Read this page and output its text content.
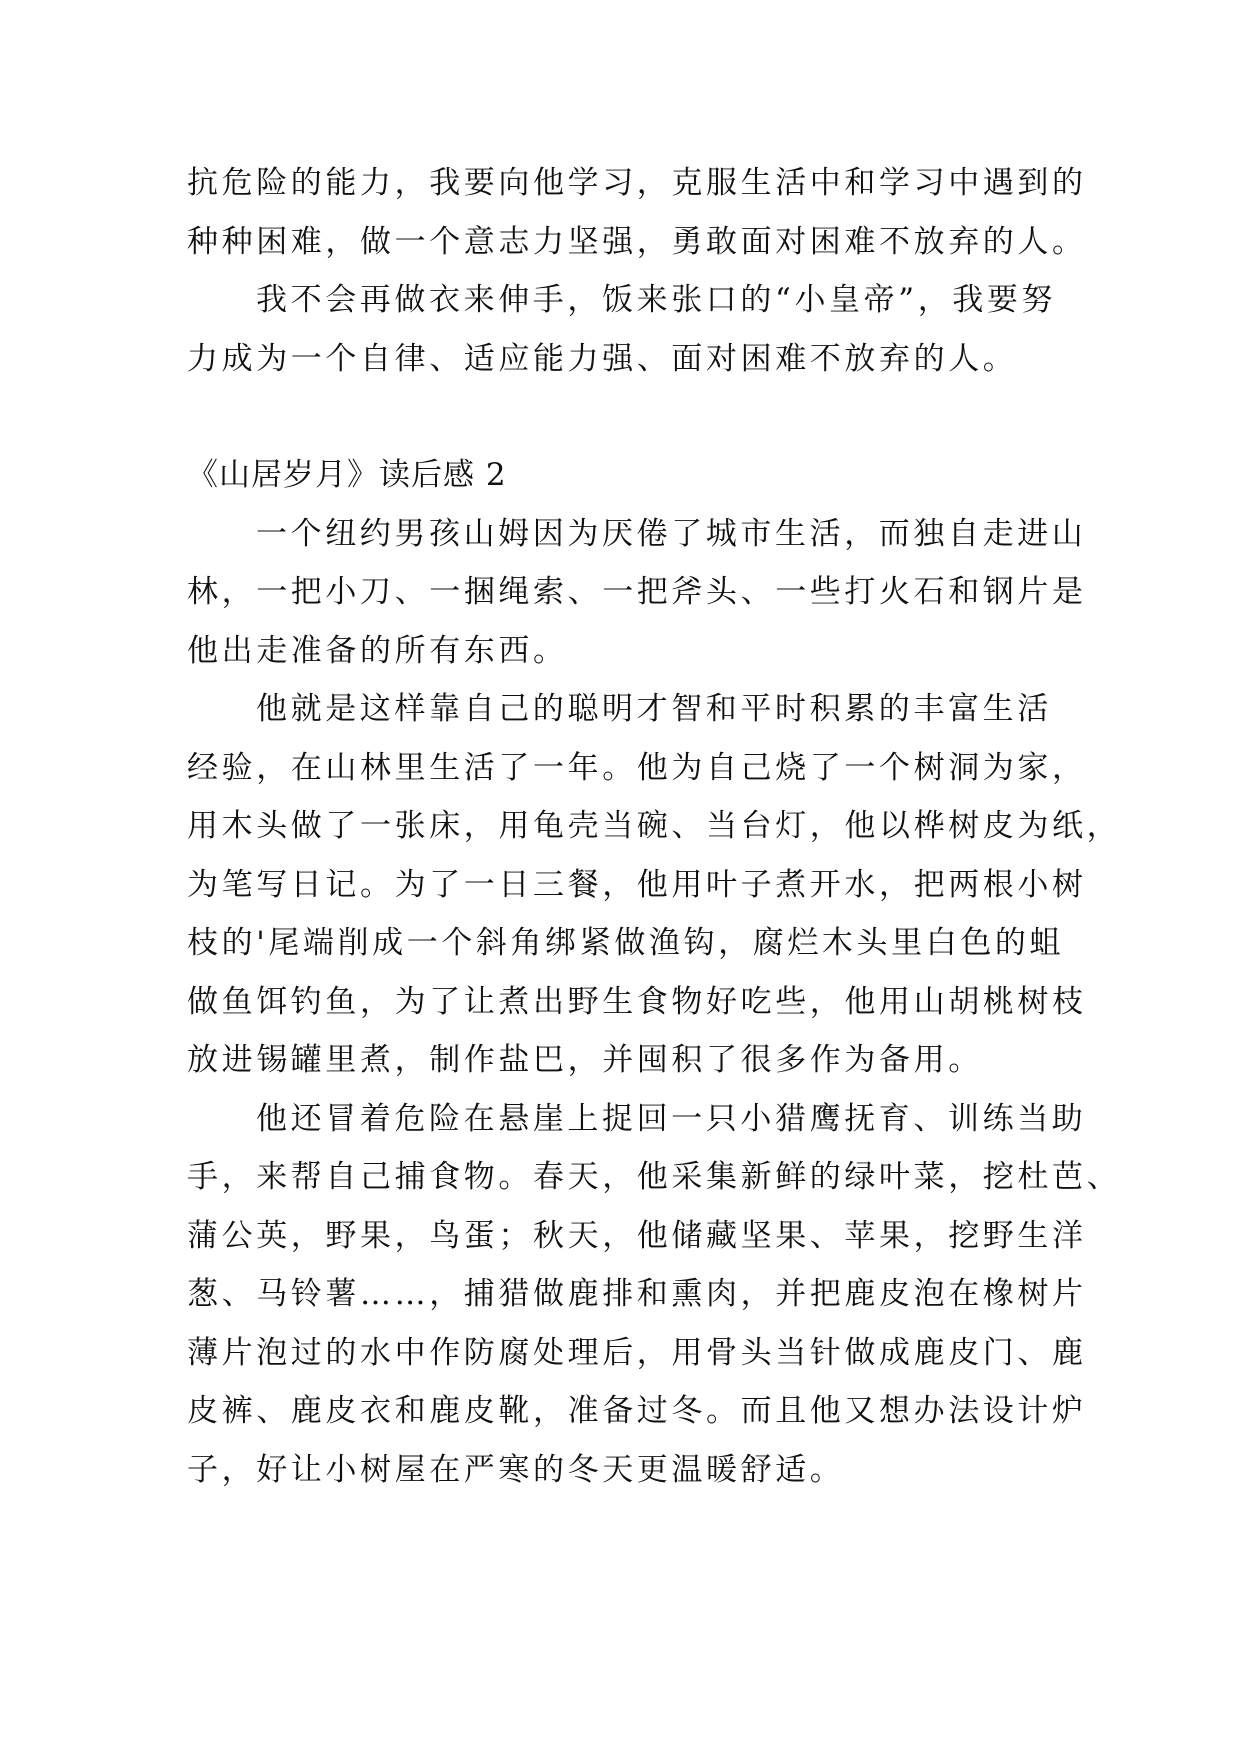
抗危险的能力，我要向他学习，克服生活中和学习中遇到的
种种困难，做一个意志力坚强，勇敢面对困难不放弃的人。
我不会再做衣来伸手，饭来张口的“小皇帝”，我要努
力成为一个自律、适应能力强、面对困难不放弃的人。
《山居岁月》读后感 2
一个纽约男孩山姆因为厌倦了城市生活，而独自走进山
林，一把小刀、一捆绳索、一把斧头、一些打火石和钢片是
他出走准备的所有东西。
他就是这样靠自己的聪明才智和平时积累的丰富生活
经验，在山林里生活了一年。他为自己烧了一个树洞为家，
用木头做了一张床，用龟壳当碗、当台灯，他以桦树皮为纸，
为笔写日记。为了一日三餐，他用叶子煮开水，把两根小树
枝的'尾端削成一个斜角绑紧做渔钩，腐烂木头里白色的蛆
做鱼饵钓鱼，为了让煮出野生食物好吃些，他用山胡桃树枝
放进锡罐里煮，制作盐巴，并囤积了很多作为备用。
他还冒着危险在悬崖上捉回一只小猎鹰抚育、训练当助
手，来帮自己捕食物。春天，他采集新鲜的绿叶菜，挖杜芭、
蒲公英，野果，鸟蛋；秋天，他储藏坚果、苹果，挖野生洋
葱、马铃薯……，捕猎做鹿排和熏肉，并把鹿皮泡在橡树片
薄片泡过的水中作防腐处理后，用骨头当针做成鹿皮门、鹿
皮裤、鹿皮衣和鹿皮靴，准备过冬。而且他又想办法设计炉
子，好让小树屋在严寒的冬天更温暖舒适。
